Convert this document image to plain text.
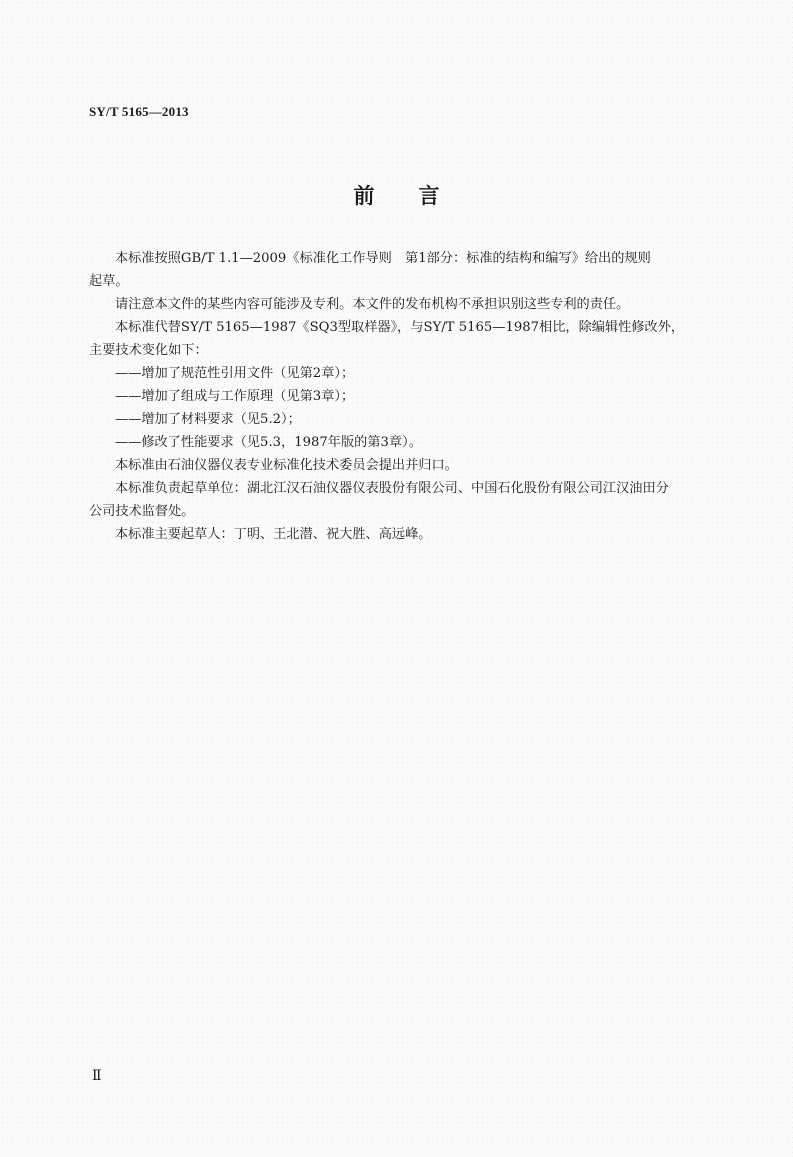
SY/T 5165—2013
前 言
本标准按照GB/T 1.1—2009《标准化工作导则　第1部分：标准的结构和编写》给出的规则
起草。
请注意本文件的某些内容可能涉及专利。本文件的发布机构不承担识别这些专利的责任。
本标准代替SY/T 5165—1987《SQ3型取样器》，与SY/T 5165—1987相比，除编辑性修改外，
主要技术变化如下：
——增加了规范性引用文件（见第2章）；
——增加了组成与工作原理（见第3章）；
——增加了材料要求（见5.2）；
——修改了性能要求（见5.3，1987年版的第3章）。
本标准由石油仪器仪表专业标准化技术委员会提出并归口。
本标准负责起草单位：湖北江汉石油仪器仪表股份有限公司、中国石化股份有限公司江汉油田分
公司技术监督处。
本标准主要起草人：丁明、王北潜、祝大胜、高远峰。
Ⅱ
